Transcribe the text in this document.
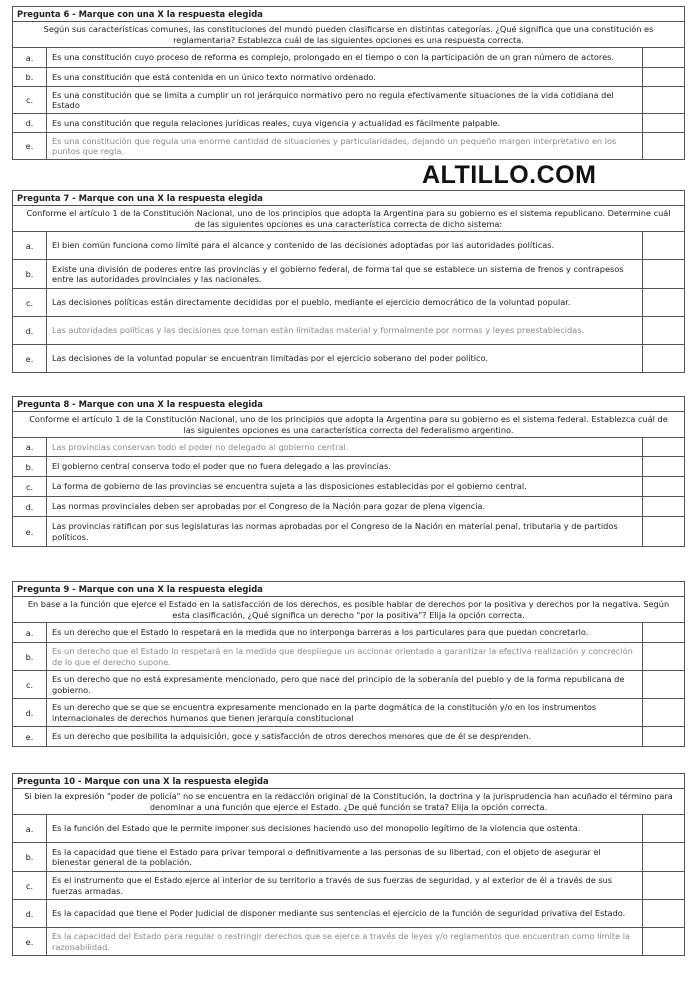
Pregunta 6 - Marque con una X la respuesta elegida
Según sus características comunes, las constituciones del mundo pueden clasificarse en distintas categorías. ¿Qué significa que una constitución es reglamentaria? Establezca cuál de las siguientes opciones es una respuesta correcta.
a.	Es una constitución cuyo proceso de reforma es complejo, prolongado en el tiempo o con la participación de un gran número de actores.
b.	Es una constitución que está contenida en un único texto normativo ordenado.
c.
Es una constitución que se limita a cumplir un rol jerárquico normativo pero no regula efectivamente situaciones de la vida cotidiana del Estado
d.	Es una constitución que regula relaciones jurídicas reales, cuya vigencia y actualidad es fácilmente palpable.
e.
Es una constitución que regula una enorme cantidad de situaciones y particularidades, dejando un pequeño margen interpretativo en los puntos que regla.
ALTILLO.COM
Pregunta 7 - Marque con una X la respuesta elegida
Conforme el artículo 1 de la Constitución Nacional, uno de los principios que adopta la Argentina para su gobierno es el sistema republicano. Determine cuál de las siguientes opciones es una característica correcta de dicho sistema:
a.	El bien común funciona como límite para el alcance y contenido de las decisiones adoptadas por las autoridades políticas.
b.
Existe una división de poderes entre las provincias y el gobierno federal, de forma tal que se establece un sistema de frenos y contrapesos entre las autoridades provinciales y las nacionales.
c.	Las decisiones políticas están directamente decididas por el pueblo, mediante el ejercicio democrático de la voluntad popular.
d.	Las autoridades políticas y las decisiones que toman están limitadas material y formalmente por normas y leyes preestablecidas.
e.	Las decisiones de la voluntad popular se encuentran limitadas por el ejercicio soberano del poder político.
Pregunta 8 - Marque con una X la respuesta elegida
Conforme el artículo 1 de la Constitución Nacional, uno de los principios que adopta la Argentina para su gobierno es el sistema federal. Establezca cuál de las siguientes opciones es una característica correcta del federalismo argentino.
a.	Las provincias conservan todo el poder no delegado al gobierno central.
b.	El gobierno central conserva todo el poder que no fuera delegado a las provincias.
c.	La forma de gobierno de las provincias se encuentra sujeta a las disposiciones establecidas por el gobierno central.
d.	Las normas provinciales deben ser aprobadas por el Congreso de la Nación para gozar de plena vigencia.
e.
Las provincias ratifican por sus legislaturas las normas aprobadas por el Congreso de la Nación en material penal, tributaria y de partidos políticos.
Pregunta 9 - Marque con una X la respuesta elegida
En base a la función que ejerce el Estado en la satisfacción de los derechos, es posible hablar de derechos por la positiva y derechos por la negativa. Según esta clasificación, ¿Qué significa un derecho "por la positiva"? Elija la opción correcta.
a.	Es un derecho que el Estado lo respetará en la medida que no interponga barreras a los particulares para que puedan concretarlo.
b.
Es un derecho que el Estado lo respetará en la medida que despliegue un accionar orientado a garantizar la efectiva realización y concreción de lo que el derecho supone.
c.
Es un derecho que no está expresamente mencionado, pero que nace del principio de la soberanía del pueblo y de la forma republicana de gobierno.
d.
Es un derecho que se que se encuentra expresamente mencionado en la parte dogmática de la constitución y/o en los instrumentos internacionales de derechos humanos que tienen jerarquía constitucional
e.	Es un derecho que posibilita la adquisición, goce y satisfacción de otros derechos menores que de él se desprenden.
Pregunta 10 - Marque con una X la respuesta elegida
Si bien la expresión "poder de policía" no se encuentra en la redacción original de la Constitución, la doctrina y la jurisprudencia han acuñado el término para denominar a una función que ejerce el Estado. ¿De qué función se trata? Elija la opción correcta.
a.	Es la función del Estado que le permite imponer sus decisiones haciendo uso del monopolio legítimo de la violencia que ostenta.
b.
Es la capacidad que tiene el Estado para privar temporal o definitivamente a las personas de su libertad, con el objeto de asegurar el bienestar general de la población.
c.
Es el instrumento que el Estado ejerce al interior de su territorio a través de sus fuerzas de seguridad, y al exterior de él a través de sus fuerzas armadas.
d.	Es la capacidad que tiene el Poder Judicial de disponer mediante sus sentencias el ejercicio de la función de seguridad privativa del Estado.
e.
Es la capacidad del Estado para regular o restringir derechos que se ejerce a través de leyes y/o reglamentos que encuentran como límite la razonabilidad.
